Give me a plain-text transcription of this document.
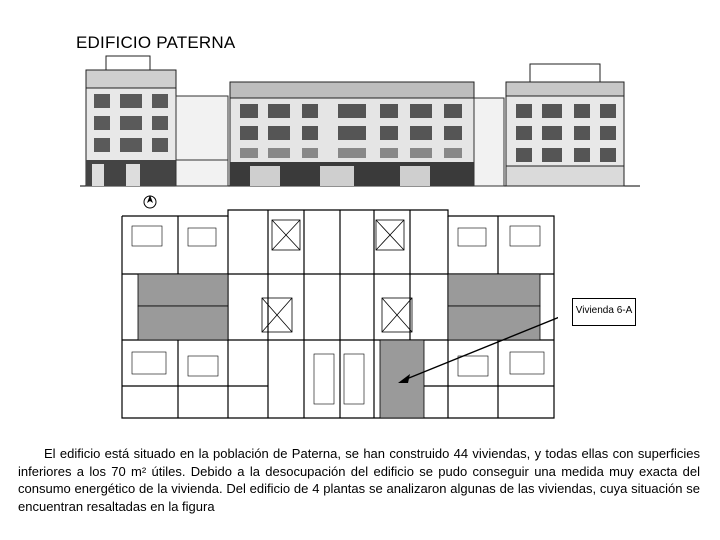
EDIFICIO PATERNA
Vivienda 6-A
El edificio está situado en la población de Paterna, se han construido 44 viviendas, y todas ellas con superficies inferiores a los 70 m² útiles. Debido a la desocupación del edificio se pudo conseguir una medida muy exacta del consumo energético de la vivienda. Del edificio de 4 plantas se analizaron algunas de las viviendas, cuya situación se encuentran resaltadas en la figura
